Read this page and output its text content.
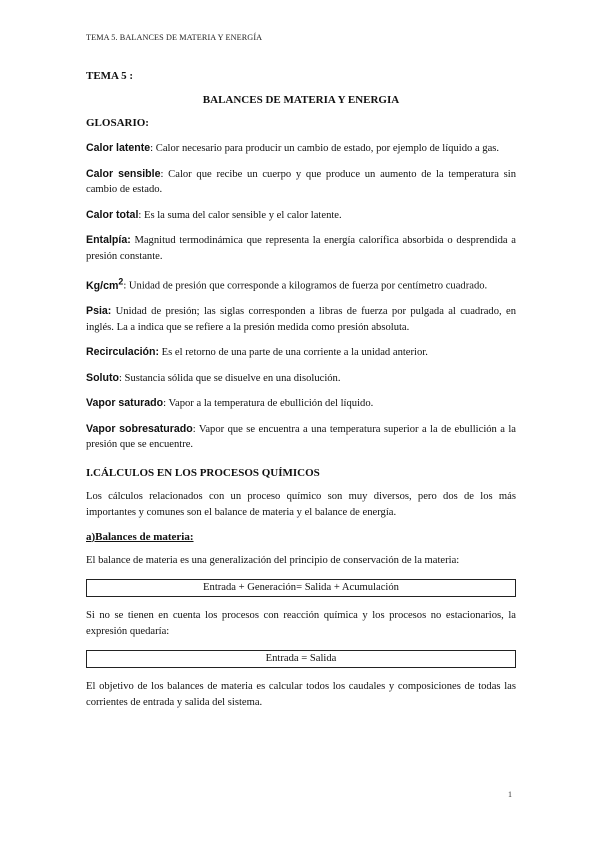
TEMA 5. BALANCES DE MATERIA Y ENERGÍA
TEMA 5 :
BALANCES DE MATERIA Y ENERGIA
GLOSARIO:

Calor latente: Calor necesario para producir un cambio de estado, por ejemplo de líquido a gas.

Calor sensible: Calor que recibe un cuerpo y que produce un aumento de la temperatura sin cambio de estado.

Calor total: Es la suma del calor sensible y el calor latente.

Entalpía: Magnitud termodinámica que representa la energía calorífica absorbida o desprendida a presión constante.

$Kg/cm^2$: Unidad de presión que corresponde a kilogramos de fuerza por centímetro cuadrado.

Psia: Unidad de presión; las siglas corresponden a libras de fuerza por pulgada al cuadrado, en inglés. La a indica que se refiere a la presión medida como presión absoluta.

Recirculación: Es el retorno de una parte de una corriente a la unidad anterior.

Soluto: Sustancia sólida que se disuelve en una disolución.

Vapor saturado: Vapor a la temperatura de ebullición del líquido.

Vapor sobresaturado: Vapor que se encuentra a una temperatura superior a la de ebullición a la presión que se encuentre.

I.CÁLCULOS EN LOS PROCESOS QUÍMICOS

Los cálculos relacionados con un proceso químico son muy diversos, pero dos de los más importantes y comunes son el balance de materia y el balance de energía.

a)Balances de materia:

El balance de materia es una generalización del principio de conservación de la materia:

Entrada + Generación= Salida + Acumulación

Si no se tienen en cuenta los procesos con reacción química y los procesos no estacionarios, la expresión quedaría:

Entrada = Salida

El objetivo de los balances de materia es calcular todos los caudales y composiciones de todas las corrientes de entrada y salida del sistema.

1
